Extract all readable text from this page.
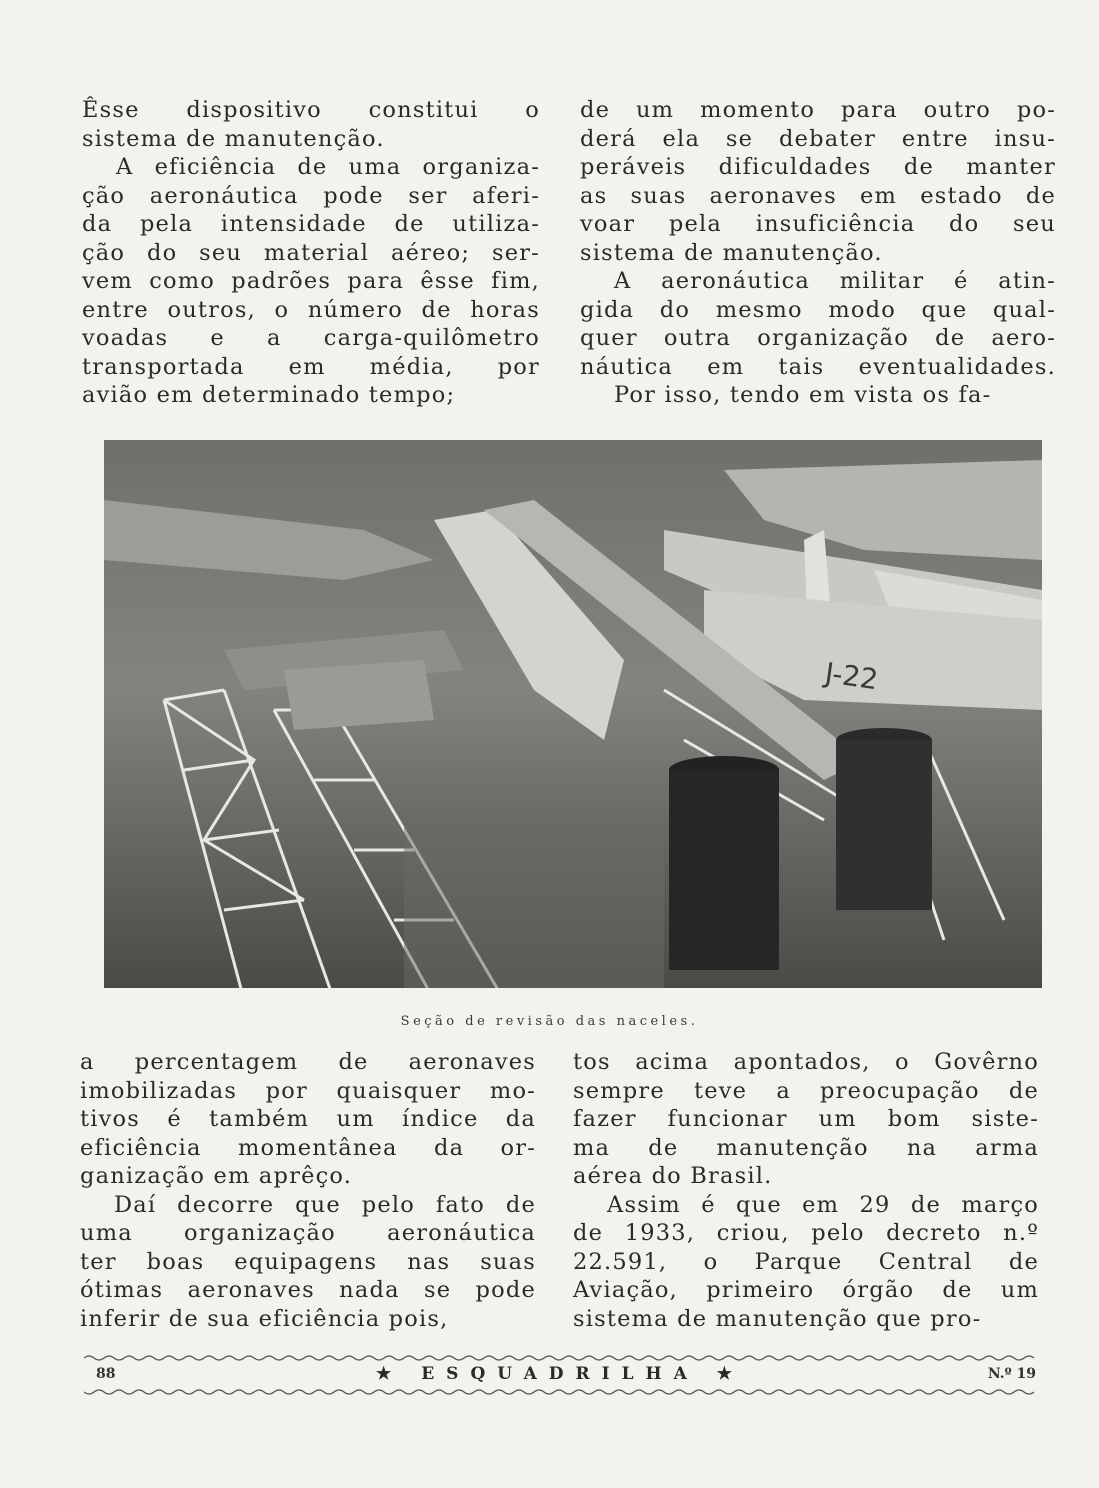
Êsse dispositivo constitui o
sistema de manutenção.
A eficiência de uma organiza-
ção aeronáutica pode ser aferi-
da pela intensidade de utiliza-
ção do seu material aéreo; ser-
vem como padrões para êsse fim,
entre outros, o número de horas
voadas e a carga-quilômetro
transportada em média, por
avião em determinado tempo;
de um momento para outro po-
derá ela se debater entre insu-
peráveis dificuldades de manter
as suas aeronaves em estado de
voar pela insuficiência do seu
sistema de manutenção.
A aeronáutica militar é atin-
gida do mesmo modo que qual-
quer outra organização de aero-
náutica em tais eventualidades.
Por isso, tendo em vista os fa-
J-22
Seção de revisão das naceles.
a percentagem de aeronaves
imobilizadas por quaisquer mo-
tivos é também um índice da
eficiência momentânea da or-
ganização em aprêço.
Daí decorre que pelo fato de
uma organização aeronáutica
ter boas equipagens nas suas
ótimas aeronaves nada se pode
inferir de sua eficiência pois,
tos acima apontados, o Govêrno
sempre teve a preocupação de
fazer funcionar um bom siste-
ma de manutenção na arma
aérea do Brasil.
Assim é que em 29 de março
de 1933, criou, pelo decreto n.º
22.591, o Parque Central de
Aviação, primeiro órgão de um
sistema de manutenção que pro-
88	★ ESQUADRILHA ★	N.º 19
